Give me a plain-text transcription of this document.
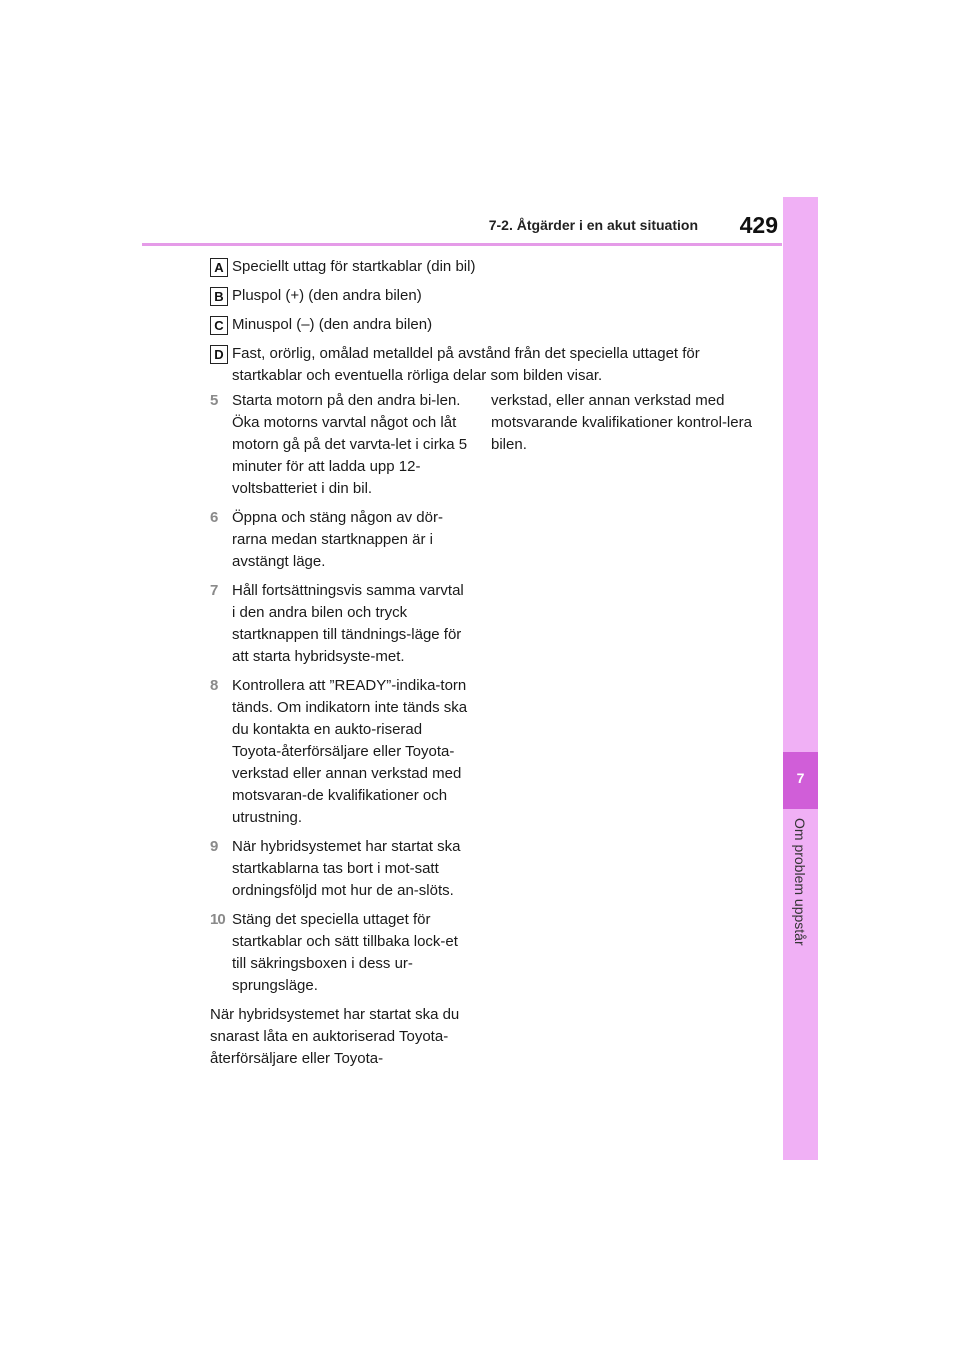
7-2. Åtgärder i en akut situation	429
7
Om problem uppstår
A Speciellt uttag för startkablar (din bil)
B Pluspol (+) (den andra bilen)
C Minuspol (–) (den andra bilen)
D Fast, orörlig, omålad metalldel på avstånd från det speciella uttaget för startkablar och eventuella rörliga delar som bilden visar.
5 Starta motorn på den andra bi-len. Öka motorns varvtal något och låt motorn gå på det varvta-let i cirka 5 minuter för att ladda upp 12-voltsbatteriet i din bil.
6 Öppna och stäng någon av dör-rarna medan startknappen är i avstängt läge.
7 Håll fortsättningsvis samma varvtal i den andra bilen och tryck startknappen till tändnings-läge för att starta hybridsyste-met.
8 Kontrollera att ”READY”-indika-torn tänds. Om indikatorn inte tänds ska du kontakta en aukto-riserad Toyota-återförsäljare eller Toyota-verkstad eller annan verkstad med motsvaran-de kvalifikationer och utrustning.
9 När hybridsystemet har startat ska startkablarna tas bort i mot-satt ordningsföljd mot hur de an-slöts.
10 Stäng det speciella uttaget för startkablar och sätt tillbaka lock-et till säkringsboxen i dess ur-sprungsläge.
När hybridsystemet har startat ska du snarast låta en auktoriserad Toyota-återförsäljare eller Toyota-
verkstad, eller annan verkstad med motsvarande kvalifikationer kontrol-lera bilen.
